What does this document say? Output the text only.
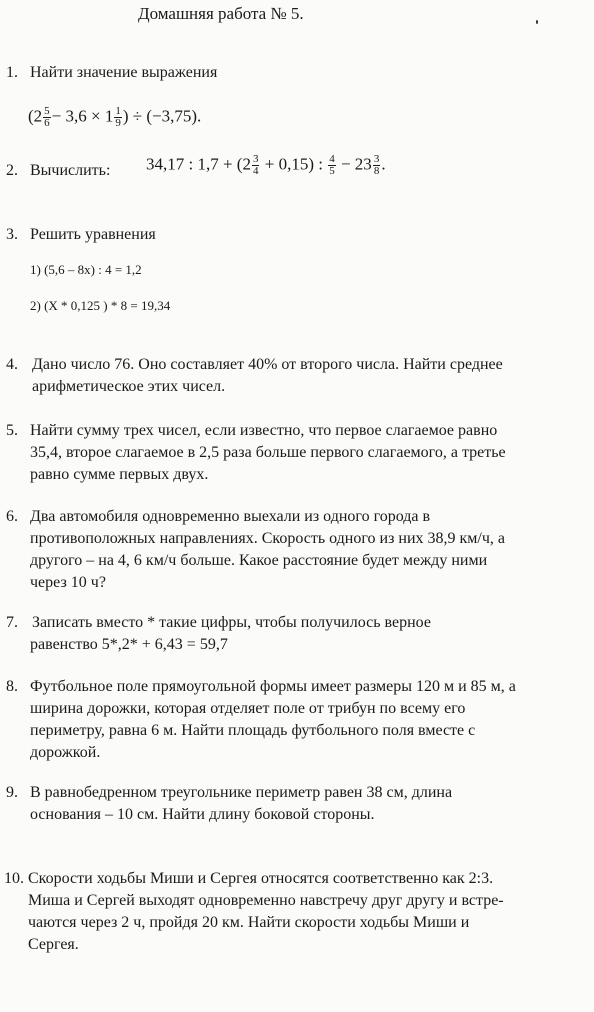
Домашняя работа № 5.
1. Найти значение выражения
($2 \frac{5}{6} - 3,6 \times 1 \frac{1}{9}$ ) ÷ (−3,75).
2. Вычислить: 34,17 : $1,7 + (2 \frac{3}{4} + 0,15)$ : $\frac{4}{5} - 23 \frac{3}{8}$ .
3. Решить уравнения
1) (5,6 – 8x) : 4 = 1,2
2) (X * 0,125 ) * 8 = 19,34
4. Дано число 76. Оно составляет 40% от второго числа. Найти среднее
арифметическое этих чисел.
5. Найти сумму трех чисел, если известно, что первое слагаемое равно
35,4, второе слагаемое в 2,5 раза больше первого слагаемого, а третье
равно сумме первых двух.
6. Два автомобиля одновременно выехали из одного города в
противоположных направлениях. Скорость одного из них 38,9 км/ч, а
другого – на 4, 6 км/ч больше. Какое расстояние будет между ними
через 10 ч?
7. Записать вместо * такие цифры, чтобы получилось верное
равенство 5*,2* + 6,43 = 59,7
8. Футбольное поле прямоугольной формы имеет размеры 120 м и 85 м, а
ширина дорожки, которая отделяет поле от трибун по всему его
периметру, равна 6 м. Найти площадь футбольного поля вместе с
дорожкой.
9. В равнобедренном треугольнике периметр равен 38 см, длина
основания – 10 см. Найти длину боковой стороны.
10. Скорости ходьбы Миши и Сергея относятся соответственно как 2:3.
Миша и Сергей выходят одновременно навстречу друг другу и встре-
чаются через 2 ч, пройдя 20 км. Найти скорости ходьбы Миши и
Сергея.
